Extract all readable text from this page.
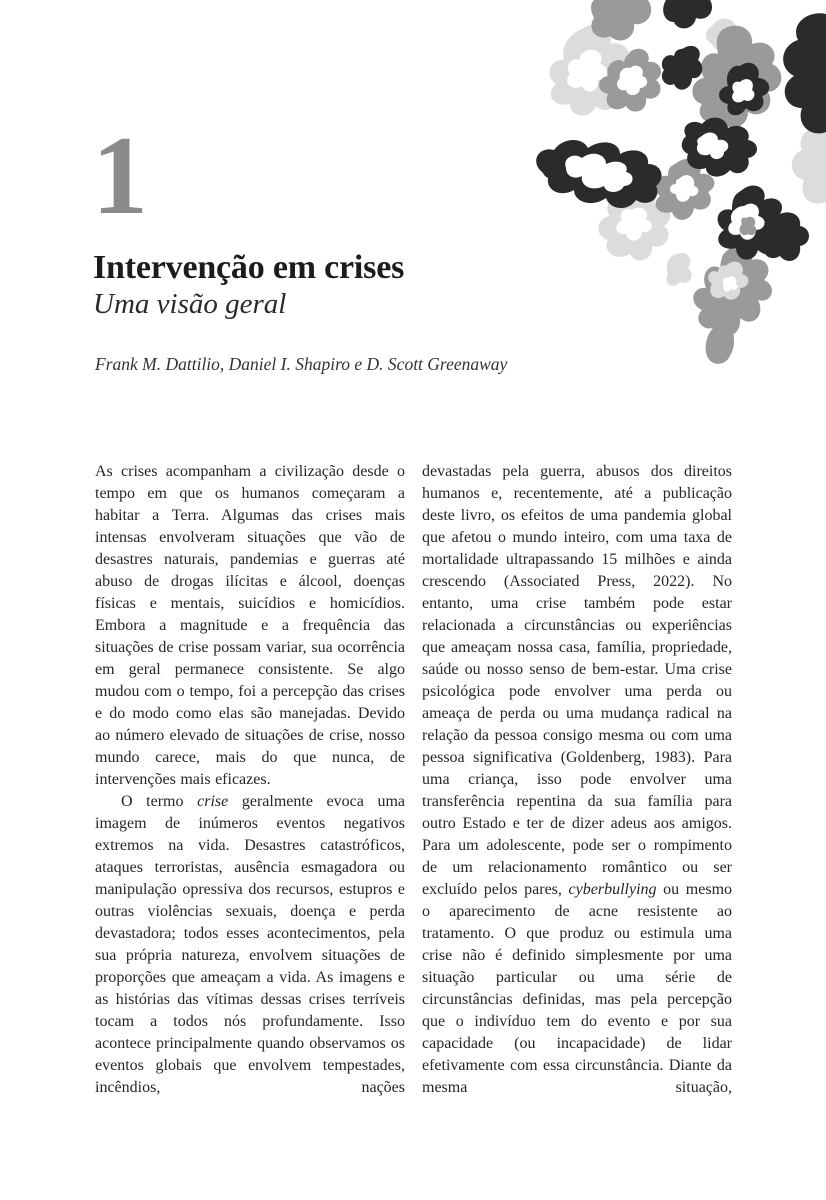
1
Intervenção em crises
Uma visão geral
Frank M. Dattilio, Daniel I. Shapiro e D. Scott Greenaway

As crises acompanham a civilização desde o tempo em que os humanos começaram a habitar a Terra. Algumas das crises mais intensas envolveram situações que vão de desastres naturais, pandemias e guerras até abuso de drogas ilícitas e álcool, doenças físicas e mentais, suicídios e homicídios. Embora a magnitude e a frequência das situações de crise possam variar, sua ocorrência em geral permanece consistente. Se algo mudou com o tempo, foi a percepção das crises e do modo como elas são manejadas. Devido ao número elevado de situações de crise, nosso mundo carece, mais do que nunca, de intervenções mais eficazes.

O termo crise geralmente evoca uma imagem de inúmeros eventos negativos extremos na vida. Desastres catastróficos, ataques terroristas, ausência esmagadora ou manipulação opressiva dos recursos, estupros e outras violências sexuais, doença e perda devastadora; todos esses acontecimentos, pela sua própria natureza, envolvem situações de proporções que ameaçam a vida. As imagens e as histórias das vítimas dessas crises terríveis tocam a todos nós profundamente. Isso acontece principalmente quando observamos os eventos globais que envolvem tempestades, incêndios, nações

devastadas pela guerra, abusos dos direitos humanos e, recentemente, até a publicação deste livro, os efeitos de uma pandemia global que afetou o mundo inteiro, com uma taxa de mortalidade ultrapassando 15 milhões e ainda crescendo (Associated Press, 2022). No entanto, uma crise também pode estar relacionada a circunstâncias ou experiências que ameaçam nossa casa, família, propriedade, saúde ou nosso senso de bem-estar. Uma crise psicológica pode envolver uma perda ou ameaça de perda ou uma mudança radical na relação da pessoa consigo mesma ou com uma pessoa significativa (Goldenberg, 1983). Para uma criança, isso pode envolver uma transferência repentina da sua família para outro Estado e ter de dizer adeus aos amigos. Para um adolescente, pode ser o rompimento de um relacionamento romântico ou ser excluído pelos pares, cyberbullying ou mesmo o aparecimento de acne resistente ao tratamento. O que produz ou estimula uma crise não é definido simplesmente por uma situação particular ou uma série de circunstâncias definidas, mas pela percepção que o indivíduo tem do evento e por sua capacidade (ou incapacidade) de lidar efetivamente com essa circunstância. Diante da mesma situação,
